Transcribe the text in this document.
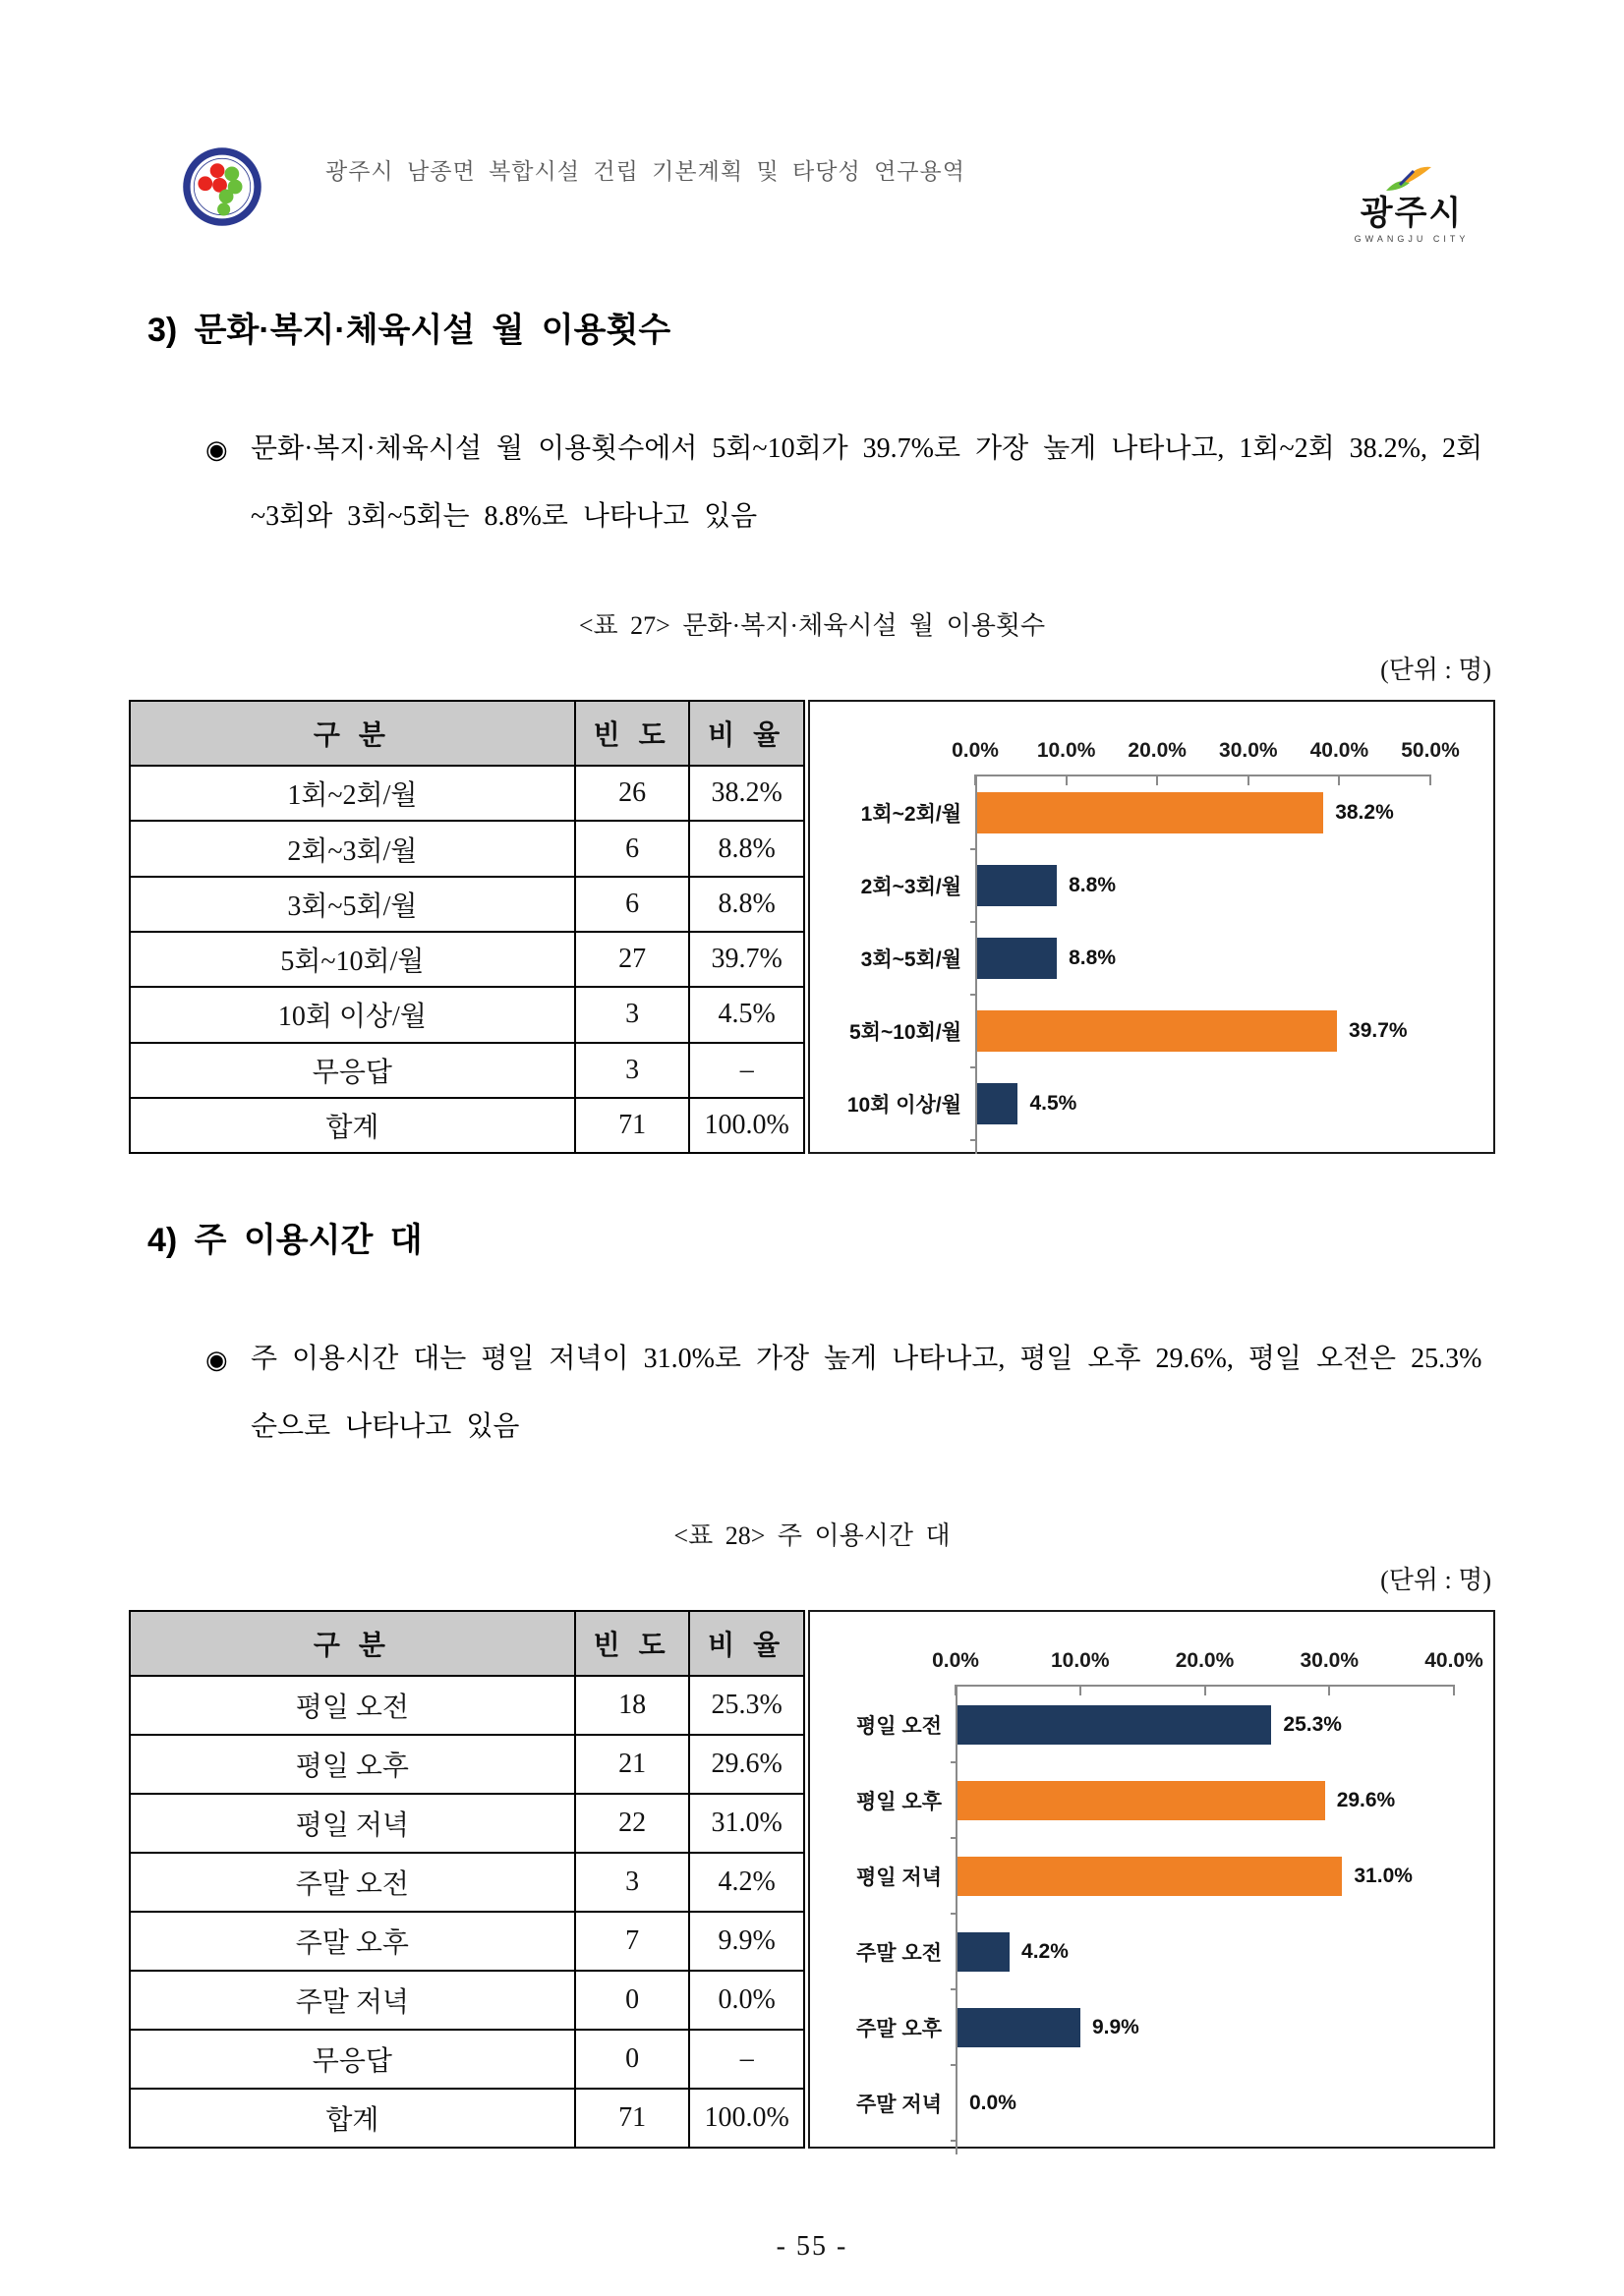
광주시 남종면 복합시설 건립 기본계획 및 타당성 연구용역
광주시
GWANGJU CITY
3) 문화·복지·체육시설 월 이용횟수
◉ 문화·복지·체육시설 월 이용횟수에서 5회~10회가 39.7%로 가장 높게 나타나고, 1회~2회 38.2%, 2회~3회와 3회~5회는 8.8%로 나타나고 있음
<표 27> 문화·복지·체육시설 월 이용횟수
(단위 : 명)
구 분	빈 도	비 율
1회~2회/월	26	38.2%
2회~3회/월	6	8.8%
3회~5회/월	6	8.8%
5회~10회/월	27	39.7%
10회 이상/월	3	4.5%
무응답	3	–
합계	71	100.0%
0.0% 10.0% 20.0% 30.0% 40.0% 50.0%
1회~2회/월	38.2%
2회~3회/월	8.8%
3회~5회/월	8.8%
5회~10회/월	39.7%
10회 이상/월	4.5%
4) 주 이용시간 대
◉ 주 이용시간 대는 평일 저녁이 31.0%로 가장 높게 나타나고, 평일 오후 29.6%, 평일 오전은 25.3%순으로 나타나고 있음
<표 28> 주 이용시간 대
(단위 : 명)
구 분	빈 도	비 율
평일 오전	18	25.3%
평일 오후	21	29.6%
평일 저녁	22	31.0%
주말 오전	3	4.2%
주말 오후	7	9.9%
주말 저녁	0	0.0%
무응답	0	–
합계	71	100.0%
0.0%	10.0%	20.0%	30.0%	40.0%
평일 오전	25.3%
평일 오후	29.6%
평일 저녁	31.0%
주말 오전	4.2%
주말 오후	9.9%
주말 저녁	0.0%
- 55 -
